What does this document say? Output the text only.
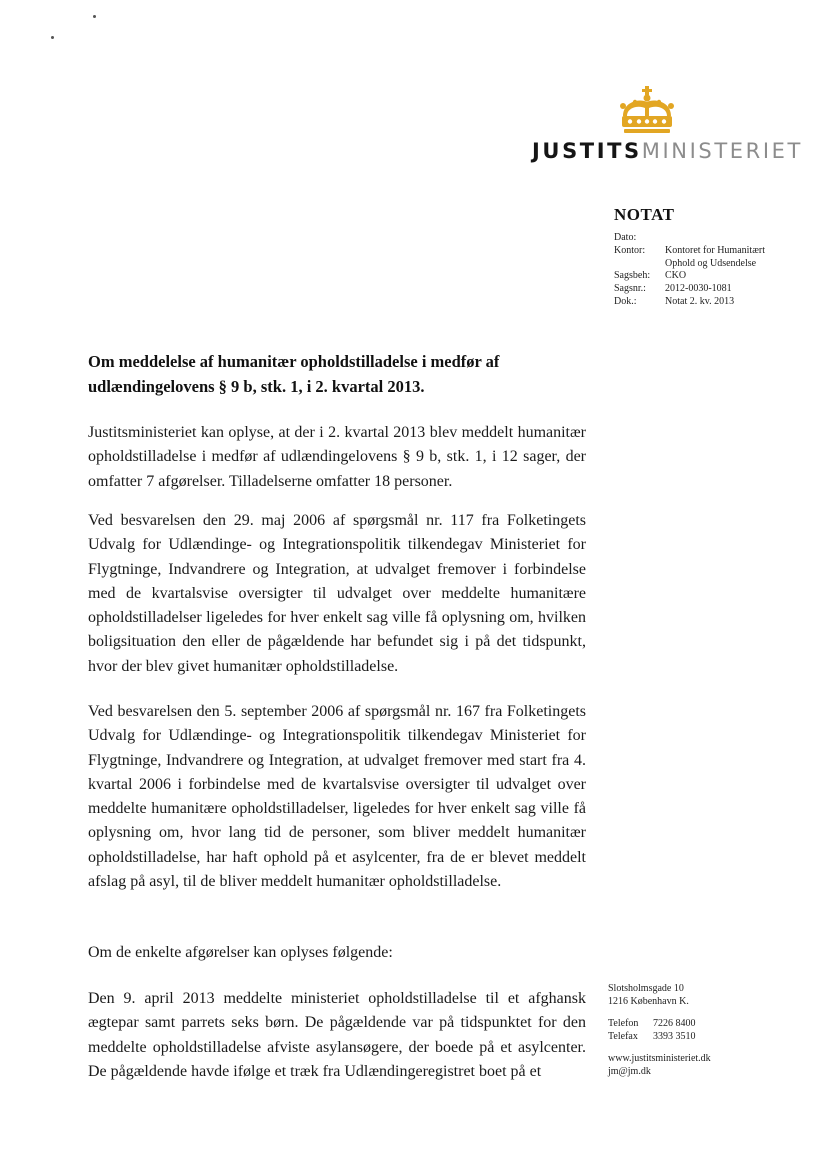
JUSTITSMINISTERIET
NOTAT
Dato:
Kontor:	Kontoret for Humanitært Ophold og Udsendelse
Sagsbeh:	CKO
Sagsnr.:	2012-0030-1081
Dok.:	Notat 2. kv. 2013
Om meddelelse af humanitær opholdstilladelse i medfør af udlændingelovens § 9 b, stk. 1, i 2. kvartal 2013.

Justitsministeriet kan oplyse, at der i 2. kvartal 2013 blev meddelt humanitær opholdstilladelse i medfør af udlændingelovens § 9 b, stk. 1, i 12 sager, der omfatter 7 afgørelser. Tilladelserne omfatter 18 personer.

Ved besvarelsen den 29. maj 2006 af spørgsmål nr. 117 fra Folketingets Udvalg for Udlændinge- og Integrationspolitik tilkendegav Ministeriet for Flygtninge, Indvandrere og Integration, at udvalget fremover i forbindelse med de kvartalsvise oversigter til udvalget over meddelte humanitære opholdstilladelser ligeledes for hver enkelt sag ville få oplysning om, hvilken boligsituation den eller de pågældende har befundet sig i på det tidspunkt, hvor der blev givet humanitær opholdstilladelse.

Ved besvarelsen den 5. september 2006 af spørgsmål nr. 167 fra Folketingets Udvalg for Udlændinge- og Integrationspolitik tilkendegav Ministeriet for Flygtninge, Indvandrere og Integration, at udvalget fremover med start fra 4. kvartal 2006 i forbindelse med de kvartalsvise oversigter til udvalget over meddelte humanitære opholdstilladelser, ligeledes for hver enkelt sag ville få oplysning om, hvor lang tid de personer, som bliver meddelt humanitær opholdstilladelse, har haft ophold på et asylcenter, fra de er blevet meddelt afslag på asyl, til de bliver meddelt humanitær opholdstilladelse.

Om de enkelte afgørelser kan oplyses følgende:

Den 9. april 2013 meddelte ministeriet opholdstilladelse til et afghansk ægtepar samt parrets seks børn. De pågældende var på tidspunktet for den meddelte opholdstilladelse afviste asylansøgere, der boede på et asylcenter. De pågældende havde ifølge et træk fra Udlændingeregistret boet på et

Slotsholmsgade 10
1216 København K.
Telefon	7226 8400
Telefax	3393 3510
www.justitsministeriet.dk
jm@jm.dk
